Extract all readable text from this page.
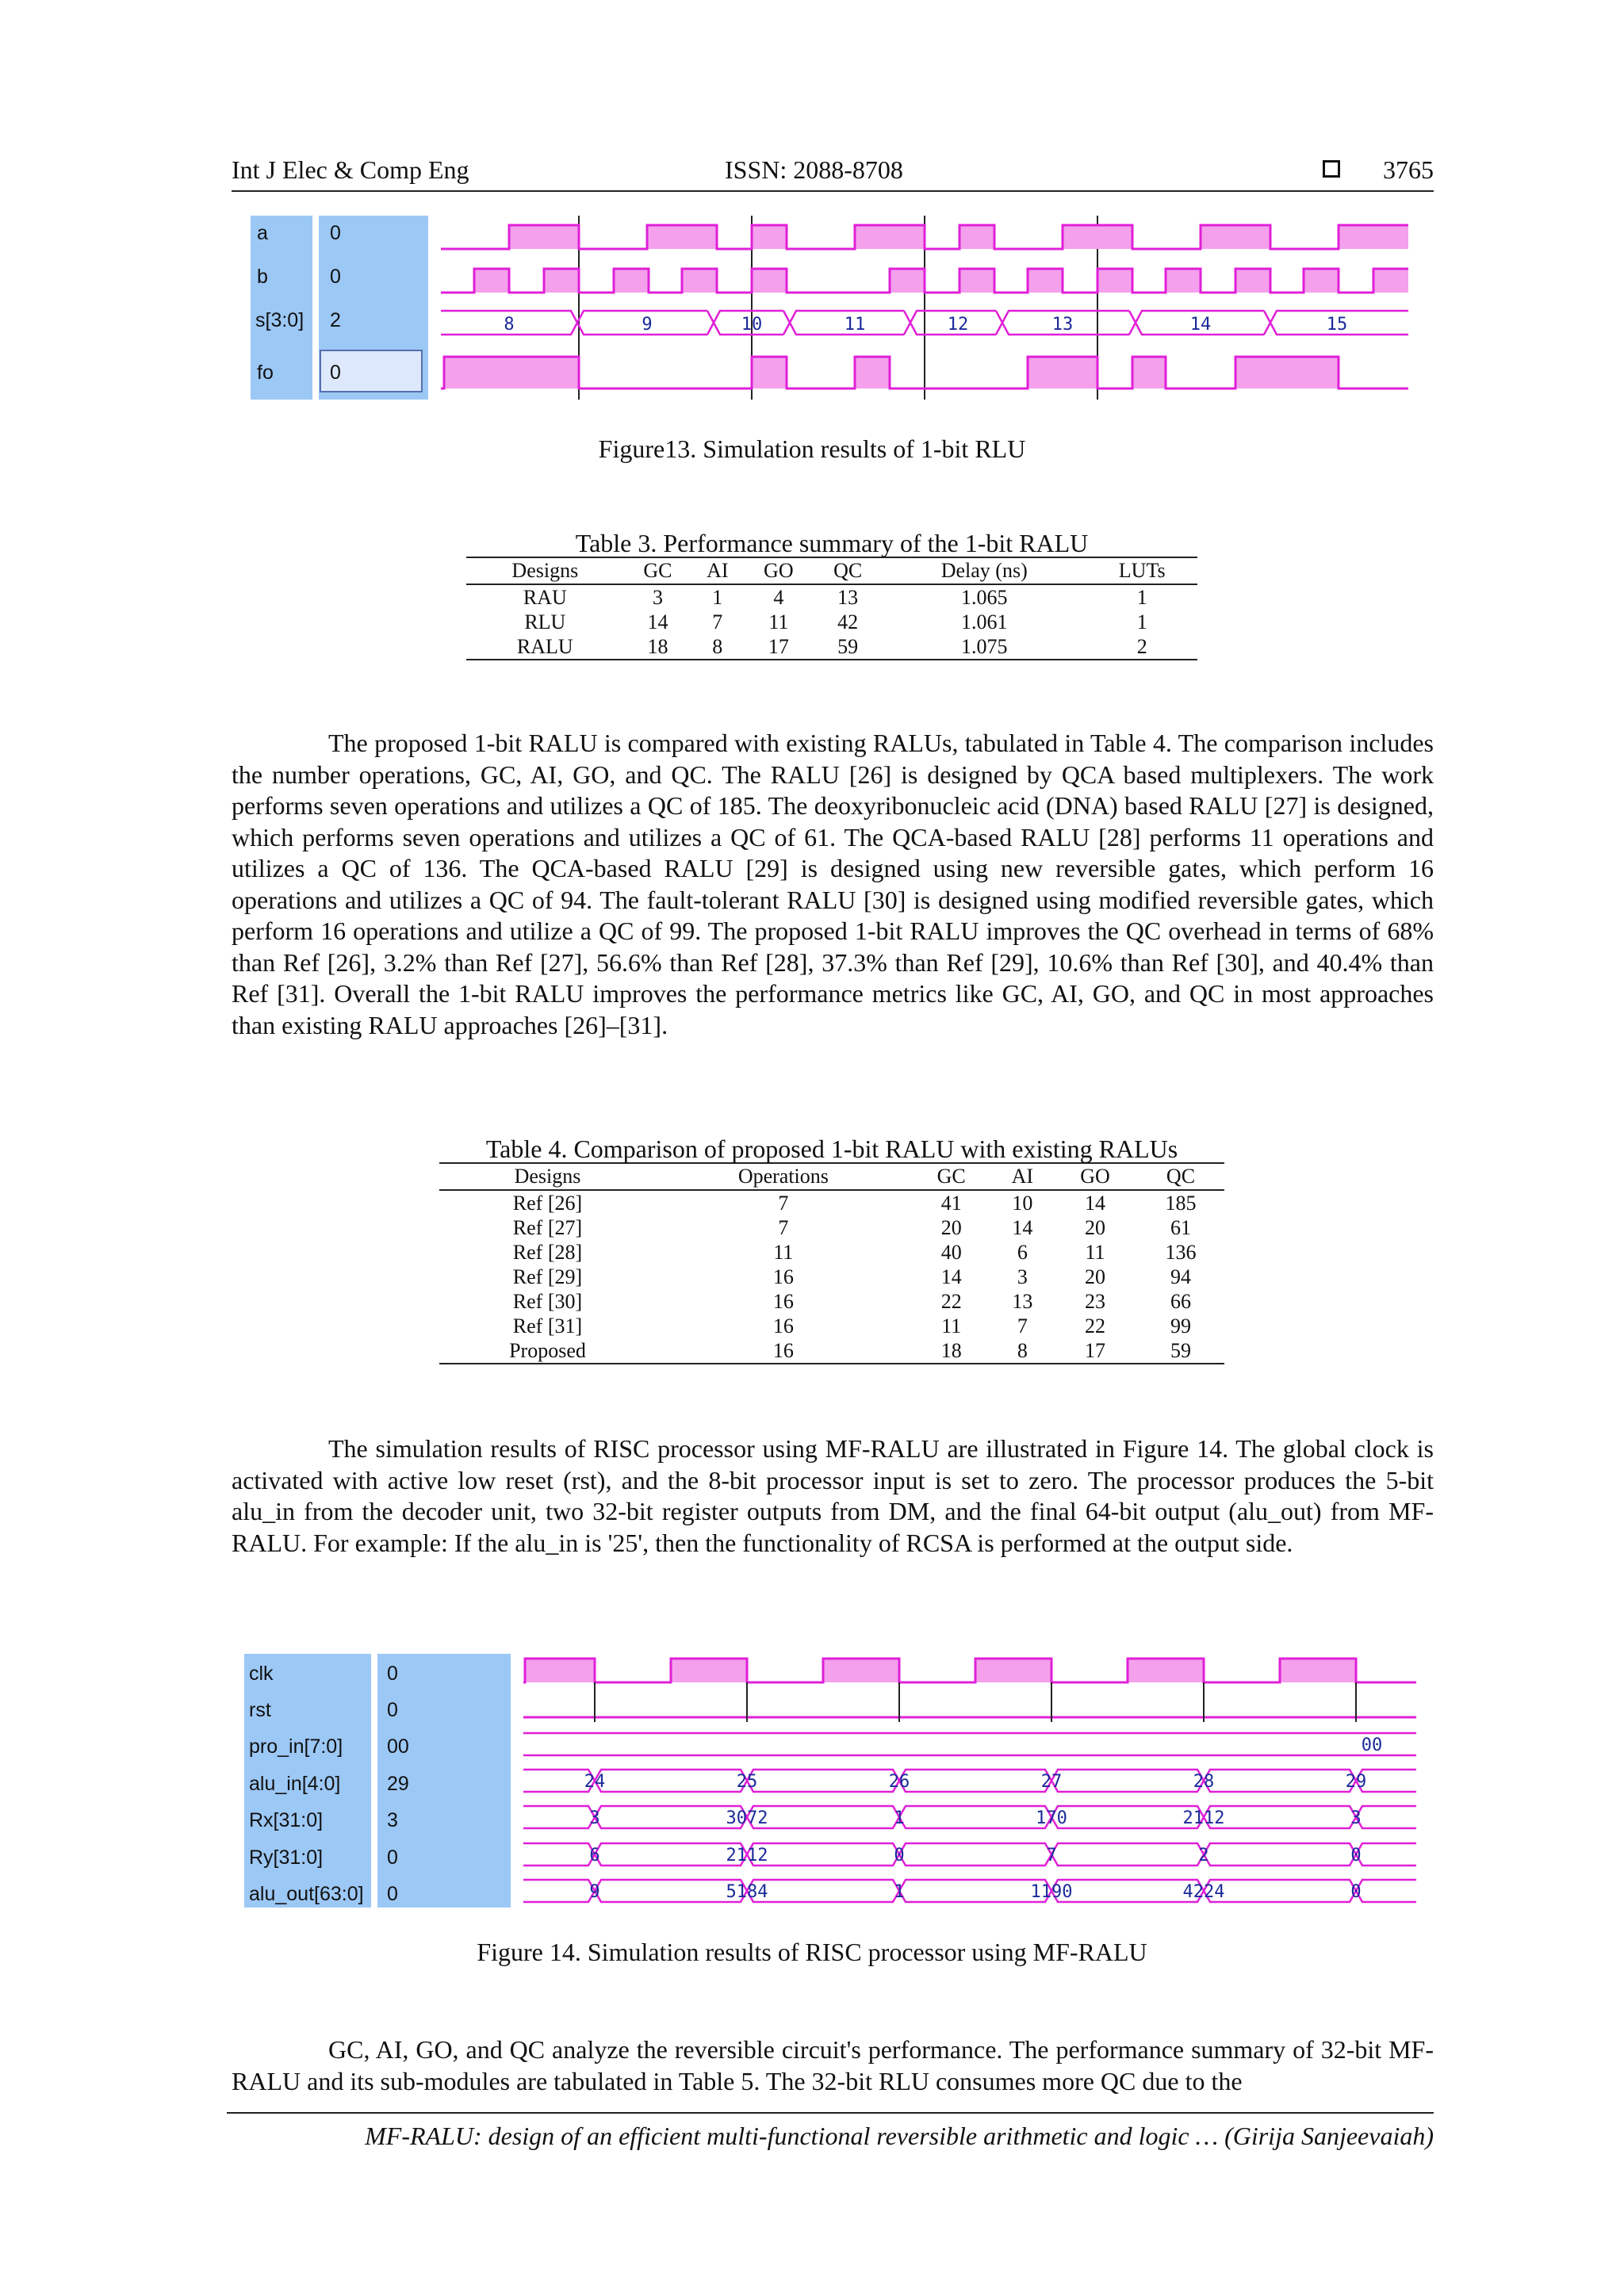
Int J Elec & Comp Eng	ISSN: 2088-8708	3765
a
b
s[3:0]
fo
0
0
2
0
8	9	10	11	12	13	14	15
Figure13. Simulation results of 1-bit RLU
Table 3. Performance summary of the 1-bit RALU
Designs	GC	AI	GO	QC	Delay (ns)	LUTs
RAU	3	1	4	13	1.065	1
RLU	14	7	11	42	1.061	1
RALU	18	8	17	59	1.075	2

The proposed 1-bit RALU is compared with existing RALUs, tabulated in Table 4. The comparison includes the number operations, GC, AI, GO, and QC. The RALU [26] is designed by QCA based multiplexers. The work performs seven operations and utilizes a QC of 185. The deoxyribonucleic acid (DNA) based RALU [27] is designed, which performs seven operations and utilizes a QC of 61. The QCA-based RALU [28] performs 11 operations and utilizes a QC of 136. The QCA-based RALU [29] is designed using new reversible gates, which perform 16 operations and utilizes a QC of 94. The fault-tolerant RALU [30] is designed using modified reversible gates, which perform 16 operations and utilize a QC of 99. The proposed 1-bit RALU improves the QC overhead in terms of 68% than Ref [26], 3.2% than Ref [27], 56.6% than Ref [28], 37.3% than Ref [29], 10.6% than Ref [30], and 40.4% than Ref [31]. Overall the 1-bit RALU improves the performance metrics like GC, AI, GO, and QC in most approaches than existing RALU approaches [26]–[31].

Table 4. Comparison of proposed 1-bit RALU with existing RALUs
Designs	Operations	GC	AI	GO	QC
Ref [26]	7	41	10	14	185
Ref [27]	7	20	14	20	61
Ref [28]	11	40	6	11	136
Ref [29]	16	14	3	20	94
Ref [30]	16	22	13	23	66
Ref [31]	16	11	7	22	99
Proposed	16	18	8	17	59

The simulation results of RISC processor using MF-RALU are illustrated in Figure 14. The global clock is activated with active low reset (rst), and the 8-bit processor input is set to zero. The processor produces the 5-bit alu_in from the decoder unit, two 32-bit register outputs from DM, and the final 64-bit output (alu_out) from MF-RALU. For example: If the alu_in is '25', then the functionality of RCSA is performed at the output side.

clk
rst
pro_in[7:0]
alu_in[4:0]
Rx[31:0]
Ry[31:0]
alu_out[63:0]
0
0
00
29
3
0
0
00
24	25	26	27	28	29
3	3072	1	170	2112	3
6	2112	0	7	2	0
9	5184	1	1190	4224	0
Figure 14. Simulation results of RISC processor using MF-RALU

GC, AI, GO, and QC analyze the reversible circuit's performance. The performance summary of 32-bit MF-RALU and its sub-modules are tabulated in Table 5. The 32-bit RLU consumes more QC due to the

MF-RALU: design of an efficient multi-functional reversible arithmetic and logic … (Girija Sanjeevaiah)
